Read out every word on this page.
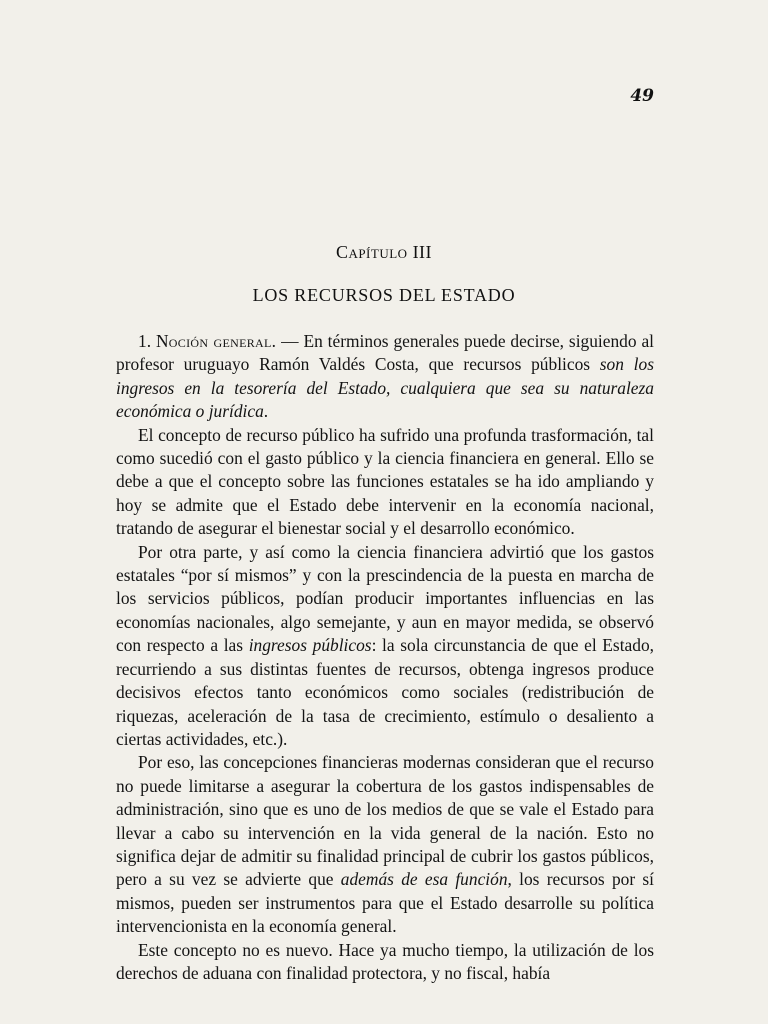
49
Capítulo III
LOS RECURSOS DEL ESTADO

1. Noción general. — En términos generales puede decirse, siguiendo al profesor uruguayo Ramón Valdés Costa, que recursos públicos son los ingresos en la tesorería del Estado, cualquiera que sea su naturaleza económica o jurídica.

El concepto de recurso público ha sufrido una profunda trasformación, tal como sucedió con el gasto público y la ciencia financiera en general. Ello se debe a que el concepto sobre las funciones estatales se ha ido ampliando y hoy se admite que el Estado debe intervenir en la economía nacional, tratando de asegurar el bienestar social y el desarrollo económico.

Por otra parte, y así como la ciencia financiera advirtió que los gastos estatales “por sí mismos” y con la prescindencia de la puesta en marcha de los servicios públicos, podían producir importantes influencias en las economías nacionales, algo semejante, y aun en mayor medida, se observó con respecto a las ingresos públicos: la sola circunstancia de que el Estado, recurriendo a sus distintas fuentes de recursos, obtenga ingresos produce decisivos efectos tanto económicos como sociales (redistribución de riquezas, aceleración de la tasa de crecimiento, estímulo o desaliento a ciertas actividades, etc.).

Por eso, las concepciones financieras modernas consideran que el recurso no puede limitarse a asegurar la cobertura de los gastos indispensables de administración, sino que es uno de los medios de que se vale el Estado para llevar a cabo su intervención en la vida general de la nación. Esto no significa dejar de admitir su finalidad principal de cubrir los gastos públicos, pero a su vez se advierte que además de esa función, los recursos por sí mismos, pueden ser instrumentos para que el Estado desarrolle su política intervencionista en la economía general.

Este concepto no es nuevo. Hace ya mucho tiempo, la utilización de los derechos de aduana con finalidad protectora, y no fiscal, había
